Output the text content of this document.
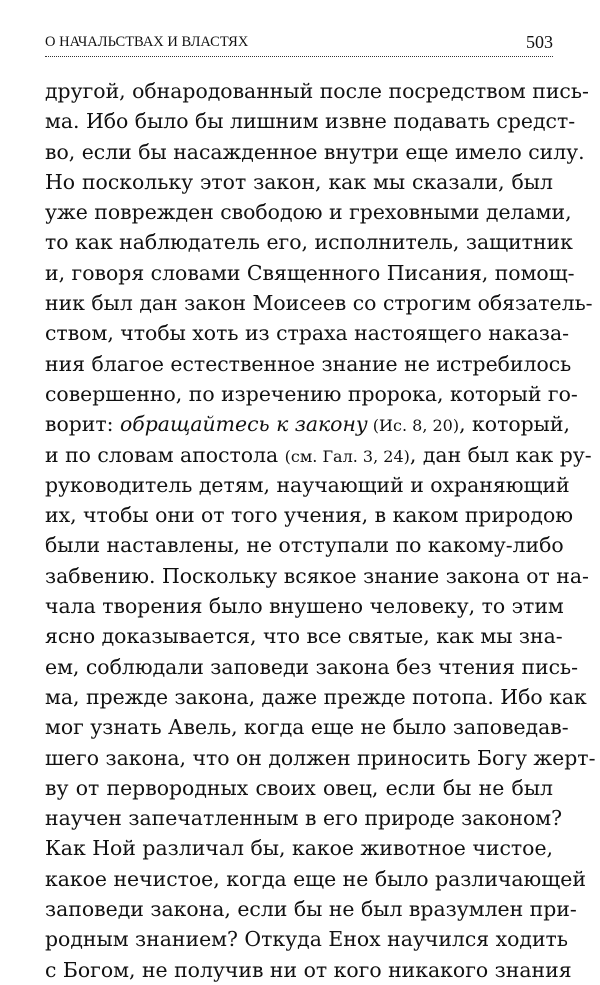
О НАЧАЛЬСТВАХ И ВЛАСТЯХ	503
другой, обнародованный после посредством пись-
ма. Ибо было бы лишним извне подавать средст-
во, если бы насажденное внутри еще имело силу.
Но поскольку этот закон, как мы сказали, был
уже поврежден свободою и греховными делами,
то как наблюдатель его, исполнитель, защитник
и, говоря словами Священного Писания, помощ-
ник был дан закон Моисеев со строгим обязатель-
ством, чтобы хоть из страха настоящего наказа-
ния благое естественное знание не истребилось
совершенно, по изречению пророка, который го-
ворит: обращайтесь к закону (Ис. 8, 20), который,
и по словам апостола (см. Гал. 3, 24), дан был как ру-
руководитель детям, научающий и охраняющий
их, чтобы они от того учения, в каком природою
были наставлены, не отступали по какому-либо
забвению. Поскольку всякое знание закона от на-
чала творения было внушено человеку, то этим
ясно доказывается, что все святые, как мы зна-
ем, соблюдали заповеди закона без чтения пись-
ма, прежде закона, даже прежде потопа. Ибо как
мог узнать Авель, когда еще не было заповедав-
шего закона, что он должен приносить Богу жерт-
ву от первородных своих овец, если бы не был
научен запечатленным в его природе законом?
Как Ной различал бы, какое животное чистое,
какое нечистое, когда еще не было различающей
заповеди закона, если бы не был вразумлен при-
родным знанием? Откуда Енох научился ходить
с Богом, не получив ни от кого никакого знания
